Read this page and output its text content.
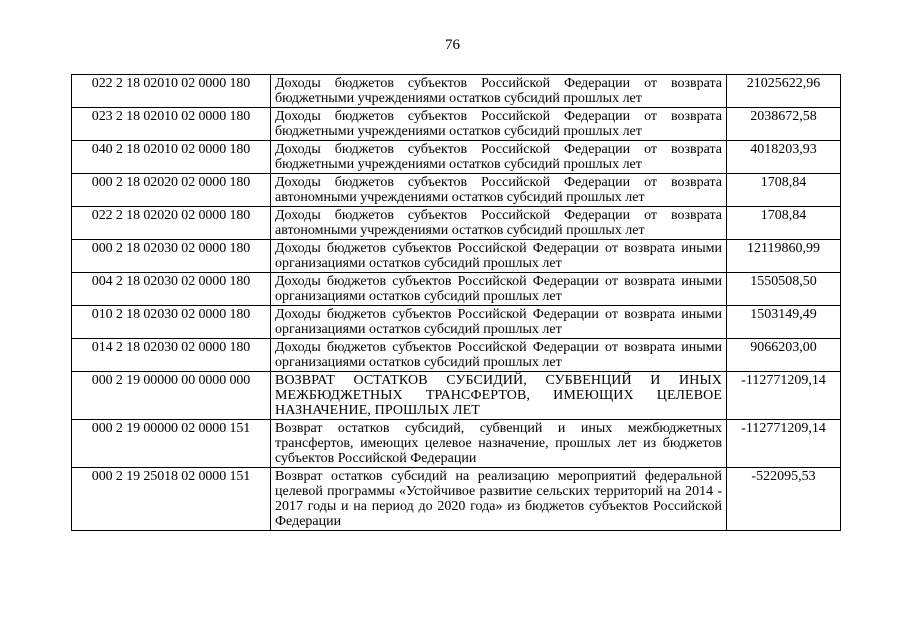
76
022 2 18 02010 02 0000 180	Доходы бюджетов субъектов Российской Федерации от возврата бюджетными учреждениями остатков субсидий прошлых лет	21025622,96
023 2 18 02010 02 0000 180	Доходы бюджетов субъектов Российской Федерации от возврата бюджетными учреждениями остатков субсидий прошлых лет	2038672,58
040 2 18 02010 02 0000 180	Доходы бюджетов субъектов Российской Федерации от возврата бюджетными учреждениями остатков субсидий прошлых лет	4018203,93
000 2 18 02020 02 0000 180	Доходы бюджетов субъектов Российской Федерации от возврата автономными учреждениями остатков субсидий прошлых лет	1708,84
022 2 18 02020 02 0000 180	Доходы бюджетов субъектов Российской Федерации от возврата автономными учреждениями остатков субсидий прошлых лет	1708,84
000 2 18 02030 02 0000 180	Доходы бюджетов субъектов Российской Федерации от возврата иными организациями остатков субсидий прошлых лет	12119860,99
004 2 18 02030 02 0000 180	Доходы бюджетов субъектов Российской Федерации от возврата иными организациями остатков субсидий прошлых лет	1550508,50
010 2 18 02030 02 0000 180	Доходы бюджетов субъектов Российской Федерации от возврата иными организациями остатков субсидий прошлых лет	1503149,49
014 2 18 02030 02 0000 180	Доходы бюджетов субъектов Российской Федерации от возврата иными организациями остатков субсидий прошлых лет	9066203,00
000 2 19 00000 00 0000 000	ВОЗВРАТ ОСТАТКОВ СУБСИДИЙ, СУБВЕНЦИЙ И ИНЫХ МЕЖБЮДЖЕТНЫХ ТРАНСФЕРТОВ, ИМЕЮЩИХ ЦЕЛЕВОЕ НАЗНАЧЕНИЕ, ПРОШЛЫХ ЛЕТ	-112771209,14
000 2 19 00000 02 0000 151	Возврат остатков субсидий, субвенций и иных межбюджетных трансфертов, имеющих целевое назначение, прошлых лет из бюджетов субъектов Российской Федерации	-112771209,14
000 2 19 25018 02 0000 151	Возврат остатков субсидий на реализацию мероприятий федеральной целевой программы «Устойчивое развитие сельских территорий на 2014 - 2017 годы и на период до 2020 года» из бюджетов субъектов Российской Федерации	-522095,53
